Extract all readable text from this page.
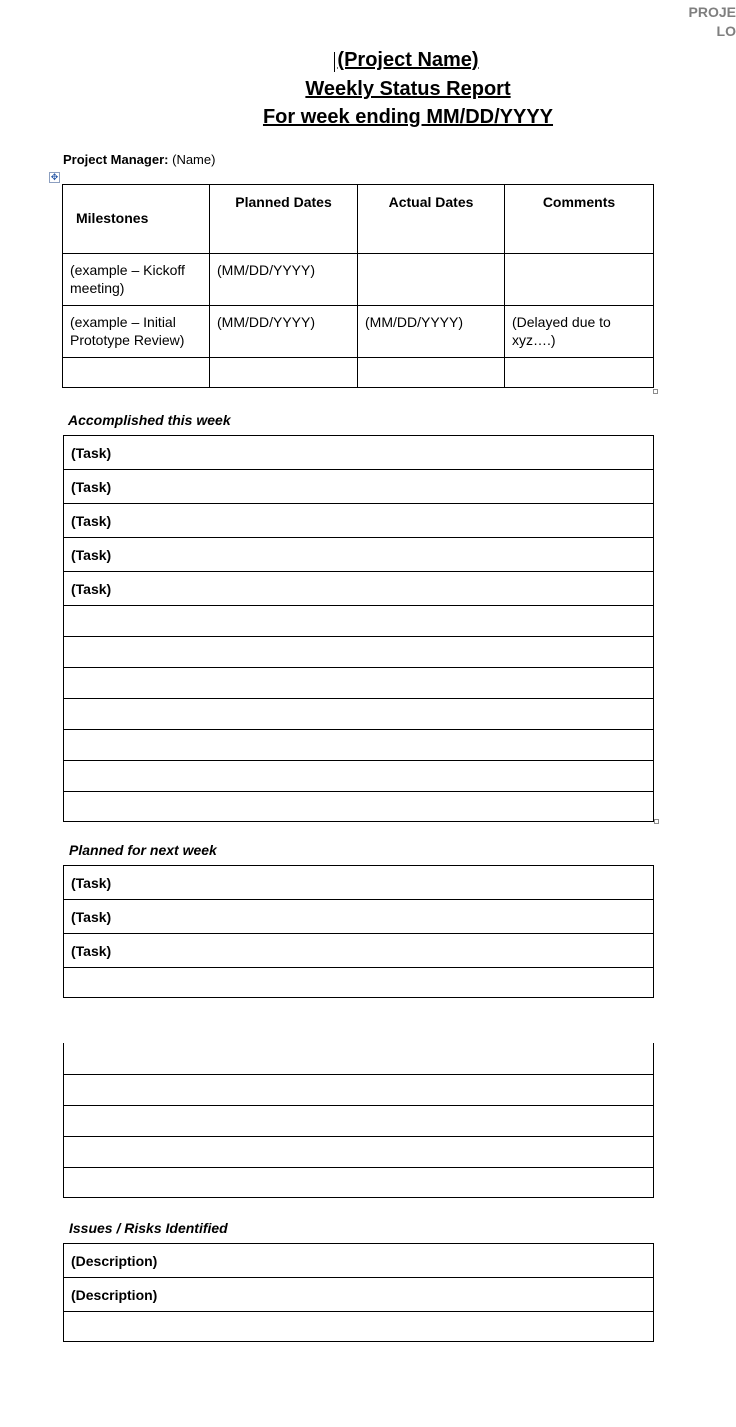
PROJE
LO
(Project Name)
Weekly Status Report
For week ending MM/DD/YYYY
Project Manager: (Name)
✥
Milestones	Planned Dates	Actual Dates	Comments

(example – Kickoff meeting)	(MM/DD/YYYY)		

(example – Initial Prototype Review)	(MM/DD/YYYY)	(MM/DD/YYYY)	(Delayed due to xyz….)

Accomplished this week
(Task)
(Task)
(Task)
(Task)
(Task)
Planned for next week
(Task)
(Task)
(Task)
Issues / Risks Identified
(Description)
(Description)
